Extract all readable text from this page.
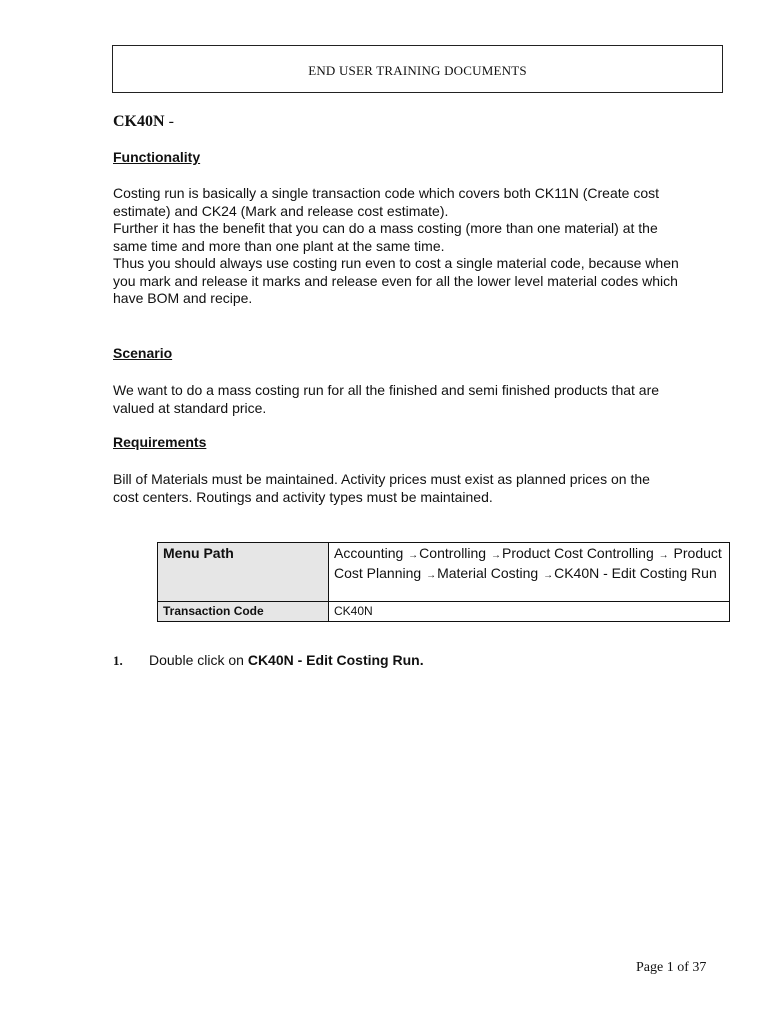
END USER TRAINING DOCUMENTS
CK40N -
Functionality

Costing run is basically a single transaction code which covers both CK11N (Create cost
estimate) and CK24 (Mark and release cost estimate).
Further it has the benefit that you can do a mass costing (more than one material) at the
same time and more than one plant at the same time.
Thus you should always use costing run even to cost a single material code, because when
you mark and release it marks and release even for all the lower level material codes which
have BOM and recipe.

Scenario

We want to do a mass costing run for all the finished and semi finished products that are
valued at standard price.

Requirements

Bill of Materials must be maintained. Activity prices must exist as planned prices on the
cost centers. Routings and activity types must be maintained.

Menu Path	Accounting →Controlling →Product Cost Controlling → Product Cost Planning →Material Costing →CK40N - Edit Costing Run
Transaction Code	CK40N
1.	Double click on CK40N - Edit Costing Run.
Page 1 of 37
